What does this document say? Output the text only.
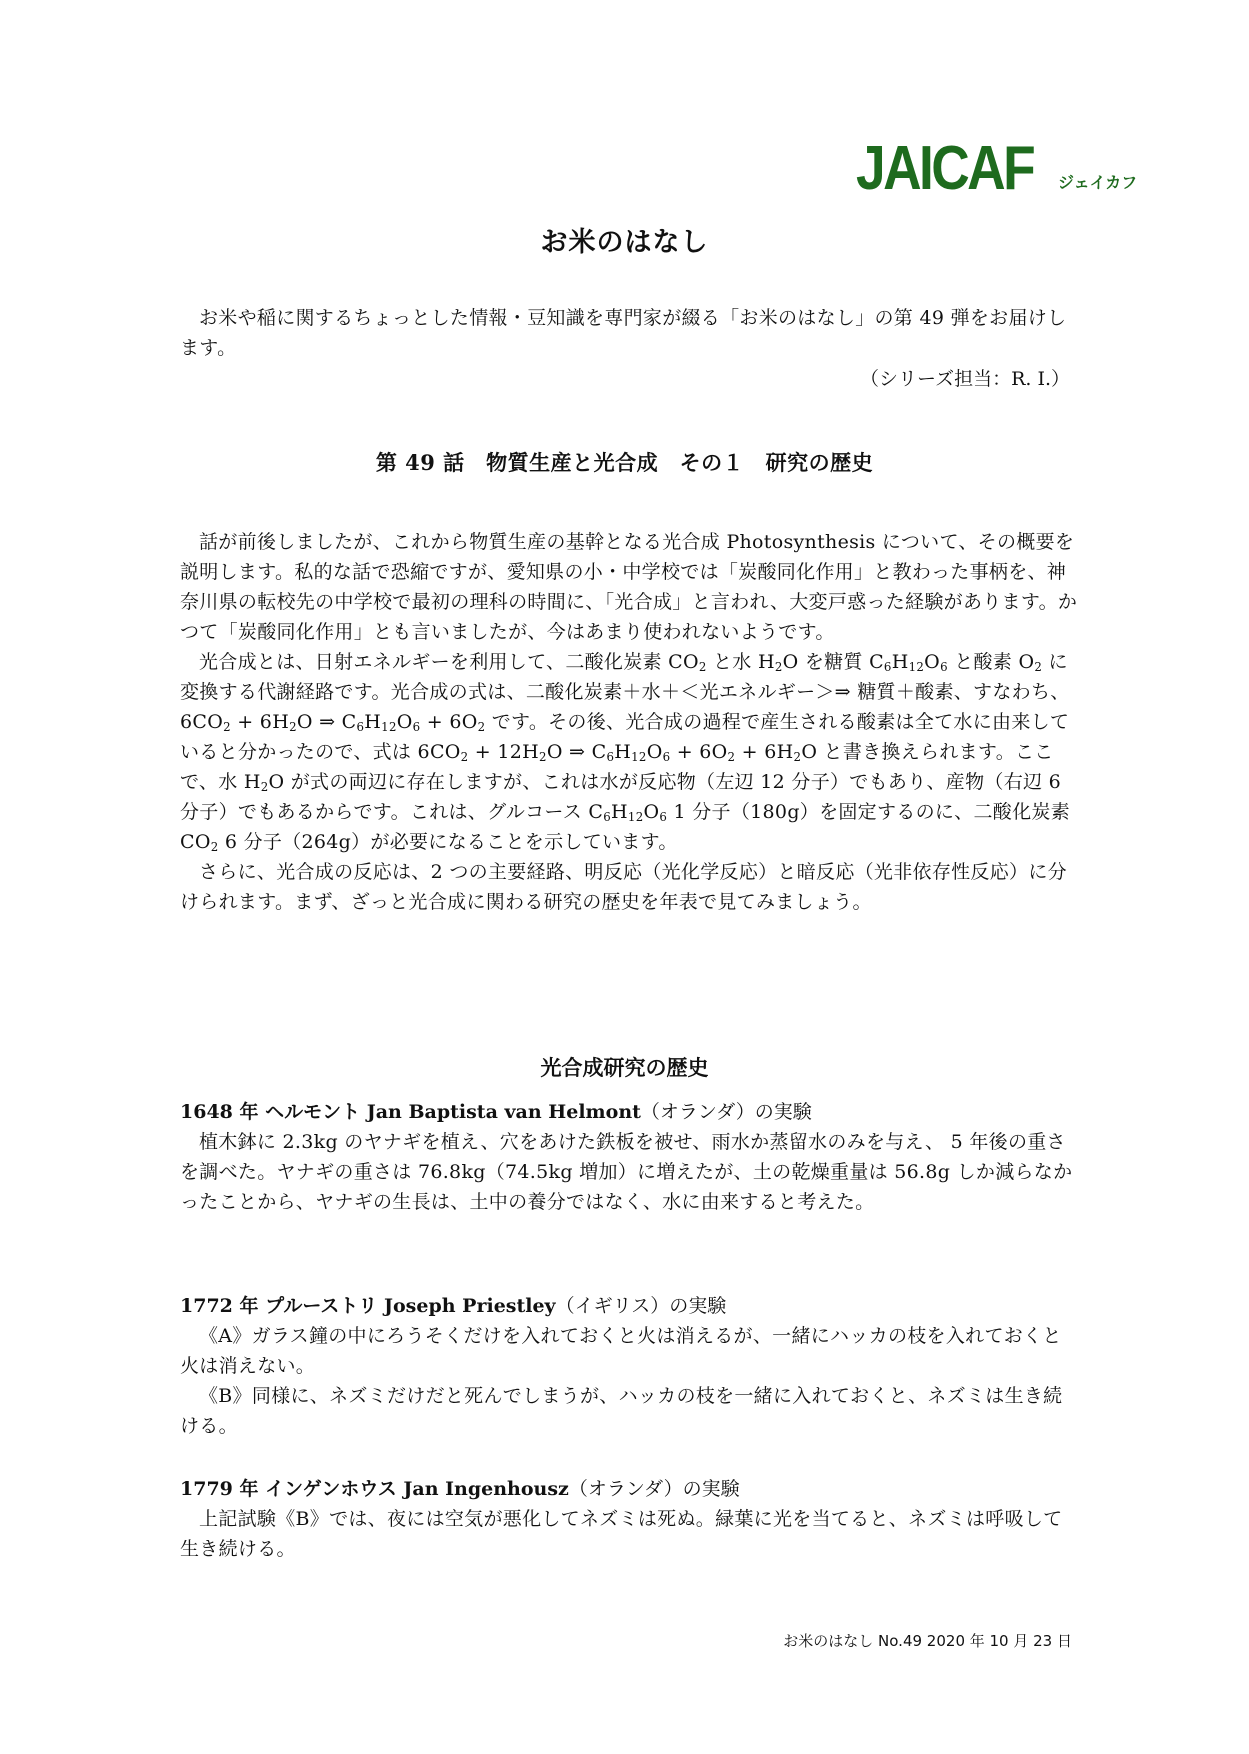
JAICAF	ジェイカフ
お米のはなし
お米や稲に関するちょっとした情報・豆知識を専門家が綴る「お米のはなし」の第 49 弾をお届けします。
（シリーズ担当：R. I.）
第 49 話　物質生産と光合成　その１　研究の歴史

話が前後しましたが、これから物質生産の基幹となる光合成 Photosynthesis について、その概要を説明します。私的な話で恐縮ですが、愛知県の小・中学校では「炭酸同化作用」と教わった事柄を、神奈川県の転校先の中学校で最初の理科の時間に、「光合成」と言われ、大変戸惑った経験があります。かつて「炭酸同化作用」とも言いましたが、今はあまり使われないようです。

光合成とは、日射エネルギーを利用して、二酸化炭素 $CO_2$ と水 $H_2O$ を糖質 $C_6H_{12}O_6$ と酸素 $O_2$ に変換する代謝経路です。光合成の式は、二酸化炭素＋水＋＜光エネルギー＞⇒ 糖質＋酸素、すなわち、$6CO_2 + 6H_2O$ ⇒ $C_6H_{12}O_6 + 6O_2$ です。その後、光合成の過程で産生される酸素は全て水に由来していると分かったので、式は $6CO_2 + 12H_2O$ ⇒ $C_6H_{12}O_6 + 6O_2 + 6H_2O$ と書き換えられます。ここで、水 $H_2O$ が式の両辺に存在しますが、これは水が反応物（左辺 12 分子）でもあり、産物（右辺 6 分子）でもあるからです。これは、グルコース $C_6H_{12}O_6$ 1 分子（180g）を固定するのに、二酸化炭素 $CO_2$ 6 分子（264g）が必要になることを示しています。

さらに、光合成の反応は、2 つの主要経路、明反応（光化学反応）と暗反応（光非依存性反応）に分けられます。まず、ざっと光合成に関わる研究の歴史を年表で見てみましょう。

光合成研究の歴史
1648 年 ヘルモント Jan Baptista van Helmont（オランダ）の実験

植木鉢に 2.3kg のヤナギを植え、穴をあけた鉄板を被せ、雨水か蒸留水のみを与え、 5 年後の重さを調べた。ヤナギの重さは 76.8kg（74.5kg 増加）に増えたが、土の乾燥重量は 56.8g しか減らなかったことから、ヤナギの生長は、土中の養分ではなく、水に由来すると考えた。

1772 年 プルーストリ Joseph Priestley（イギリス）の実験

《A》ガラス鐘の中にろうそくだけを入れておくと火は消えるが、一緒にハッカの枝を入れておくと火は消えない。

《B》同様に、ネズミだけだと死んでしまうが、ハッカの枝を一緒に入れておくと、ネズミは生き続ける。

1779 年 インゲンホウス Jan Ingenhousz（オランダ）の実験

上記試験《B》では、夜には空気が悪化してネズミは死ぬ。緑葉に光を当てると、ネズミは呼吸して生き続ける。

お米のはなし No.49 2020 年 10 月 23 日
